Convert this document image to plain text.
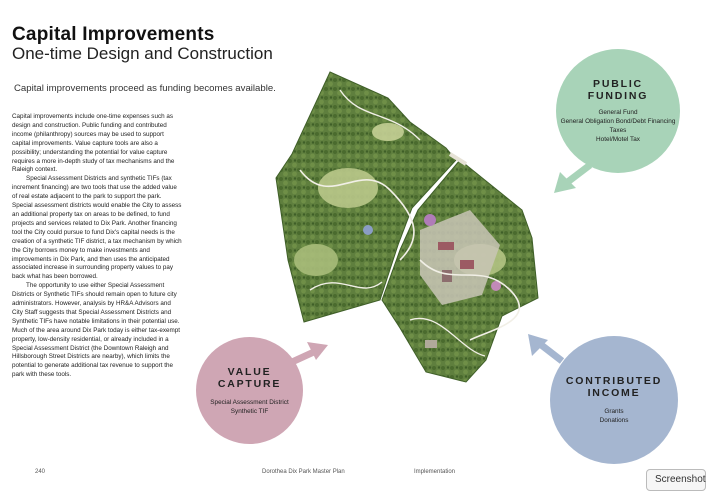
Capital Improvements
One-time Design and Construction
Capital improvements proceed as funding becomes available.

Capital improvements include one-time expenses such as design and construction. Public funding and contributed income (philanthropy) sources may be used to support capital improvements. Value capture tools are also a possibility; understanding the potential for value capture requires a more in-depth study of tax mechanisms and the Raleigh context.

Special Assessment Districts and synthetic TIFs (tax increment financing) are two tools that use the added value of real estate adjacent to the park to support the park. Special assessment districts would enable the City to assess an additional property tax on areas to be defined, to fund projects and services related to Dix Park. Another financing tool the City could pursue to fund Dix's capital needs is the creation of a synthetic TIF district, a tax mechanism by which the City borrows money to make investments and improvements in Dix Park, and then uses the anticipated associated increase in surrounding property values to pay back what has been borrowed.

The opportunity to use either Special Assessment Districts or Synthetic TIFs should remain open to future city administrators. However, analysis by HR&A Advisors and City Staff suggests that Special Assessment Districts and Synthetic TIFs have notable limitations in their potential use. Much of the area around Dix Park today is either tax-exempt property, low-density residential, or already included in a Special Assessment District (the Downtown Raleigh and Hillsborough Street Districts are nearby), which limits the potential to generate additional tax revenue to support the park with these tools.

PUBLIC
FUNDING
General Fund
General Obligation Bond/Debt Financing
Taxes
Hotel/Motel Tax
VALUE
CAPTURE
Special Assessment District
Synthetic TIF
CONTRIBUTED
INCOME
Grants
Donations
240	Dorothea Dix Park Master Plan	Implementation
Screenshot
